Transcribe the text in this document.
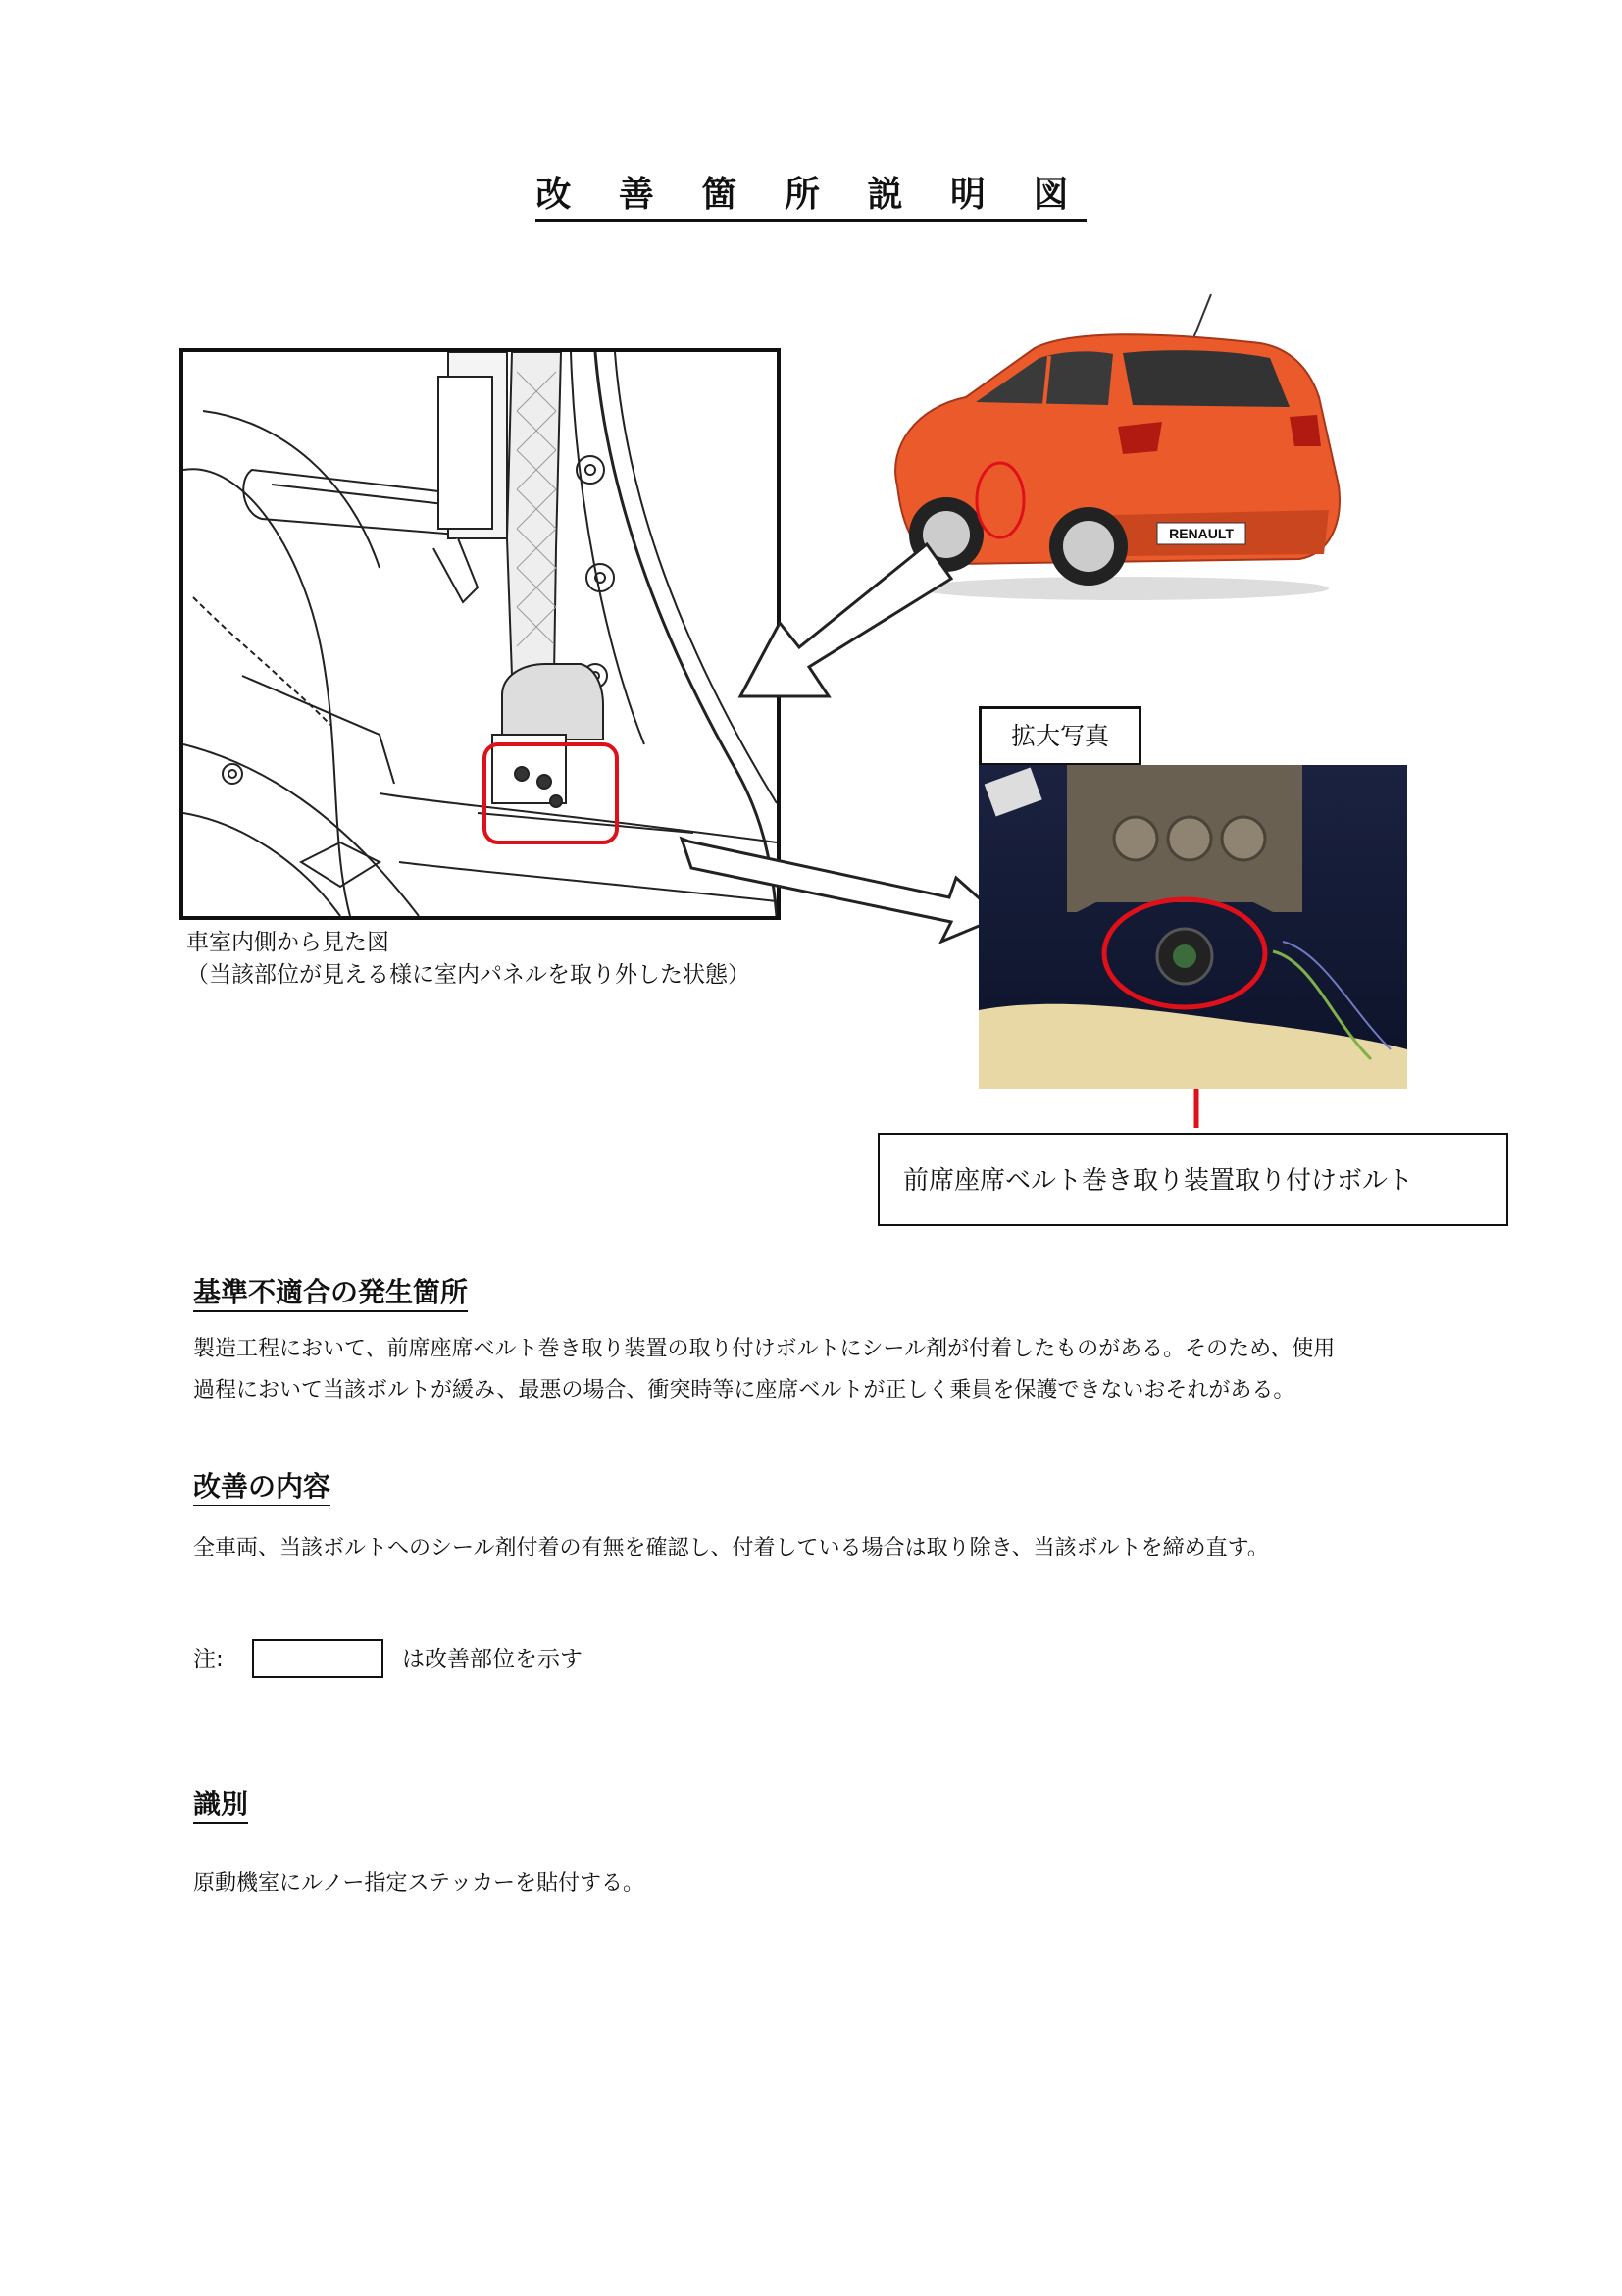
改 善 箇 所 説 明 図
車室内側から見た図
（当該部位が見える様に室内パネルを取り外した状態）
RENAULT
拡大写真
前席座席ベルト巻き取り装置取り付けボルト
基準不適合の発生箇所
製造工程において、前席座席ベルト巻き取り装置の取り付けボルトにシール剤が付着したものがある。そのため、使用
過程において当該ボルトが緩み、最悪の場合、衝突時等に座席ベルトが正しく乗員を保護できないおそれがある。
改善の内容
全車両、当該ボルトへのシール剤付着の有無を確認し、付着している場合は取り除き、当該ボルトを締め直す。
注:	は改善部位を示す
識別
原動機室にルノー指定ステッカーを貼付する。
